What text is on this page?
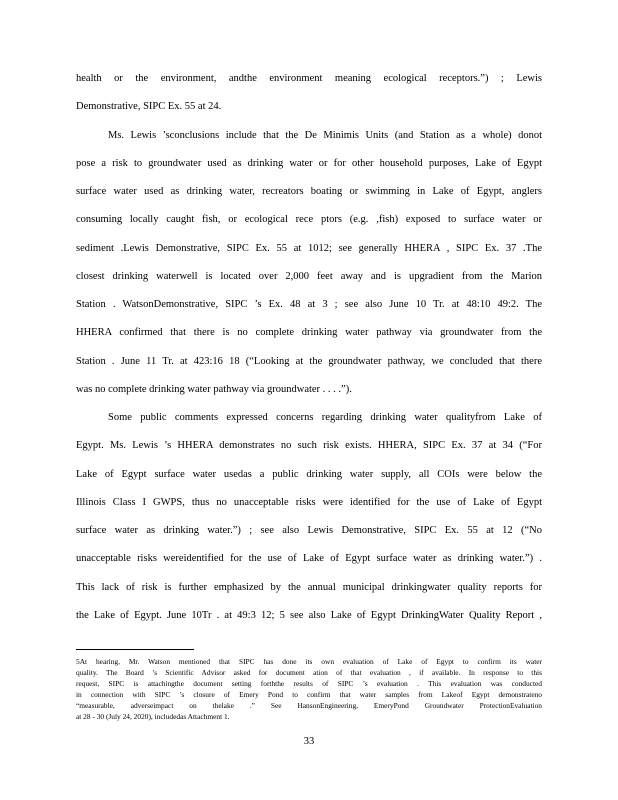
health or the environment, andthe environment meaning ecological receptors.”) ; Lewis
Demonstrative, SIPC Ex. 55 at 24.
Ms. Lewis ’sconclusions include that the De Minimis Units (and Station as a whole) donot
pose a risk to groundwater used as drinking water or for other household purposes, Lake of Egypt
surface water used as drinking water, recreators boating or swimming in Lake of Egypt, anglers
consuming locally caught fish, or ecological rece ptors (e.g. ,fish) exposed to surface water or
sediment .Lewis Demonstrative, SIPC Ex. 55 at 1012; see generally HHERA , SIPC Ex. 37 .The
closest drinking waterwell is located over 2,000 feet away and is upgradient from the Marion
Station . WatsonDemonstrative, SIPC ’s Ex. 48 at 3 ; see also June 10 Tr. at 48:10 49:2. The
HHERA confirmed that there is no complete drinking water pathway via groundwater from the
Station . June 11 Tr. at 423:16 18 (“Looking at the groundwater pathway, we concluded that there
was no complete drinking water pathway via groundwater . . . .”).
Some public comments expressed concerns regarding drinking water qualityfrom Lake of
Egypt. Ms. Lewis ’s HHERA demonstrates no such risk exists. HHERA, SIPC Ex. 37 at 34 (“For
Lake of Egypt surface water usedas a public drinking water supply, all COIs were below the
Illinois Class I GWPS, thus no unacceptable risks were identified for the use of Lake of Egypt
surface water as drinking water.”) ; see also Lewis Demonstrative, SIPC Ex. 55 at 12 (“No
unacceptable risks wereidentified for the use of Lake of Egypt surface water as drinking water.”) .
This lack of risk is further emphasized by the annual municipal drinkingwater quality reports for
the Lake of Egypt. June 10Tr . at 49:3 12; 5 see also Lake of Egypt DrinkingWater Quality Report ,
5At hearing, Mr. Watson mentioned that SIPC has done its own evaluation of Lake of Egypt to confirm its water
quality. The Board ’s Scientific Advisor asked for document ation of that evaluation , if available. In response to this
request, SIPC is attachingthe document setting forththe results of SIPC ’s evaluation . This evaluation was conducted
in connection with SIPC ’s closure of Emery Pond to confirm that water samples from Lakeof Egypt demonstrateno
“measurable, adverseimpact on thelake .” See HansonEngineering, EmeryPond Groundwater ProtectionEvaluation
at 28 - 30 (July 24, 2020), includedas Attachment 1.
33
